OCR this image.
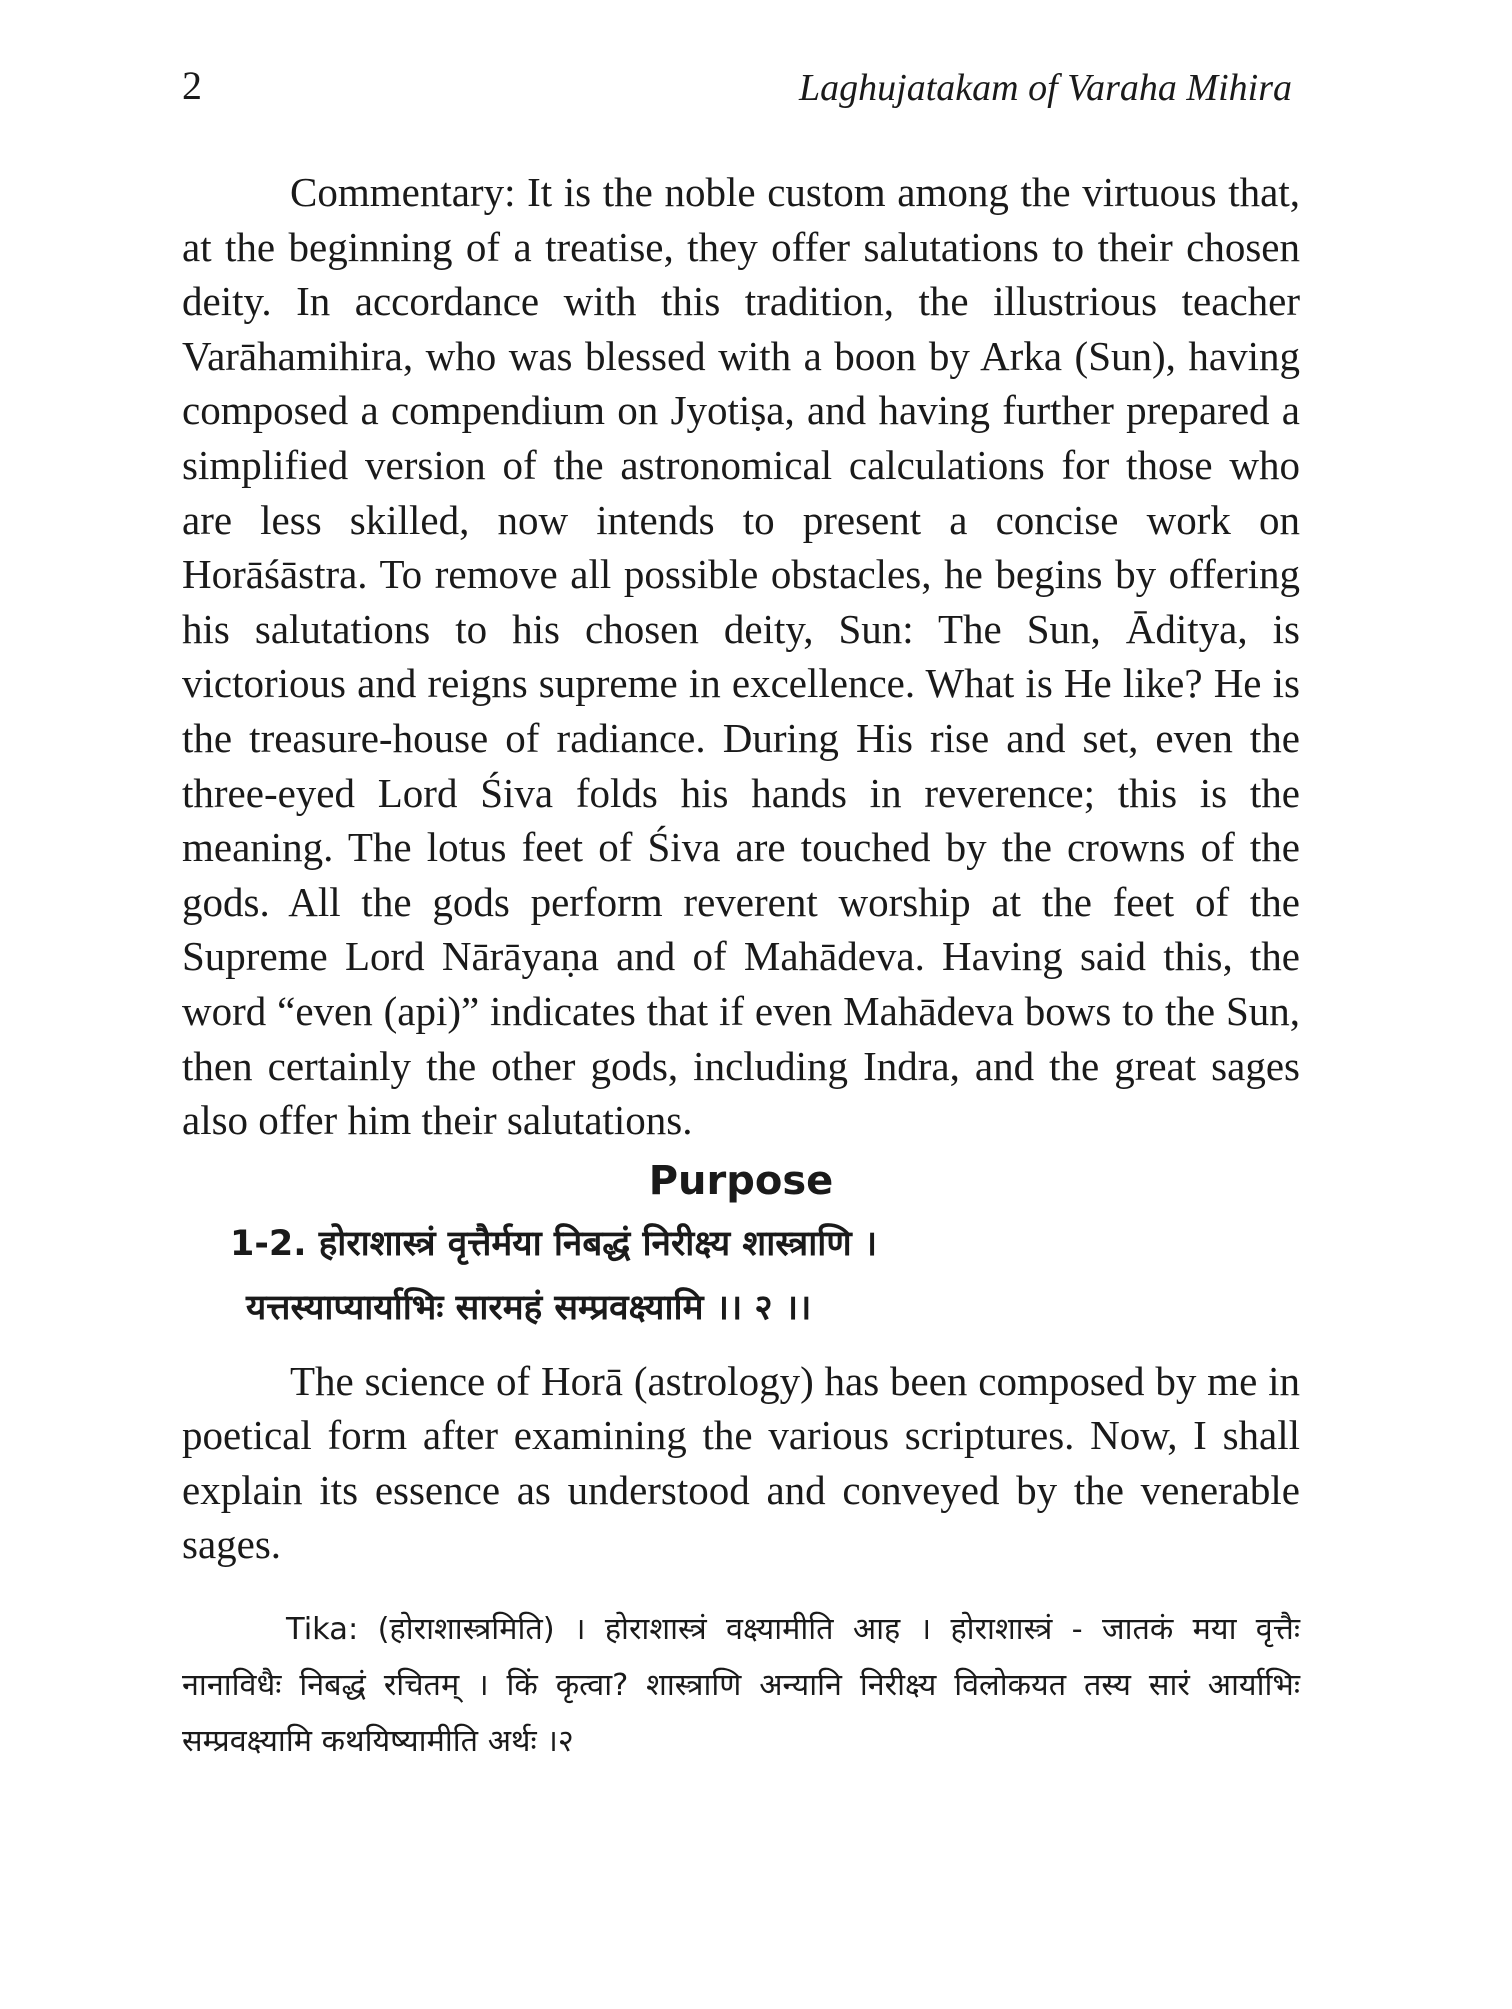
2	Laghujatakam of Varaha Mihira

Commentary: It is the noble custom among the virtuous that, at the beginning of a treatise, they offer salutations to their chosen deity. In accordance with this tradition, the illustrious teacher Varāhamihira, who was blessed with a boon by Arka (Sun), having composed a compendium on Jyotiṣa, and having further prepared a simplified version of the astronomical calculations for those who are less skilled, now intends to present a concise work on Horāśāstra. To remove all possible obstacles, he begins by offering his salutations to his chosen deity, Sun: The Sun, Āditya, is victorious and reigns supreme in excellence. What is He like? He is the treasure-house of radiance. During His rise and set, even the three-eyed Lord Śiva folds his hands in reverence; this is the meaning. The lotus feet of Śiva are touched by the crowns of the gods. All the gods perform reverent worship at the feet of the Supreme Lord Nārāyaṇa and of Mahādeva. Having said this, the word “even (api)” indicates that if even Mahādeva bows to the Sun, then certainly the other gods, including Indra, and the great sages also offer him their salutations.

Purpose
1-2. होराशास्त्रं वृत्तैर्मया निबद्धं निरीक्ष्य शास्त्राणि ।
यत्तस्याप्यार्याभिः सारमहं सम्प्रवक्ष्यामि ।। २ ।।

The science of Horā (astrology) has been composed by me in poetical form after examining the various scriptures. Now, I shall explain its essence as understood and conveyed by the venerable sages.

Tika: (होराशास्त्रमिति) । होराशास्त्रं वक्ष्यामीति आह । होराशास्त्रं - जातकं मया वृत्तैः नानाविधैः निबद्धं रचितम् । किं कृत्वा? शास्त्राणि अन्यानि निरीक्ष्य विलोकयत तस्य सारं आर्याभिः सम्प्रवक्ष्यामि कथयिष्यामीति अर्थः ।२
